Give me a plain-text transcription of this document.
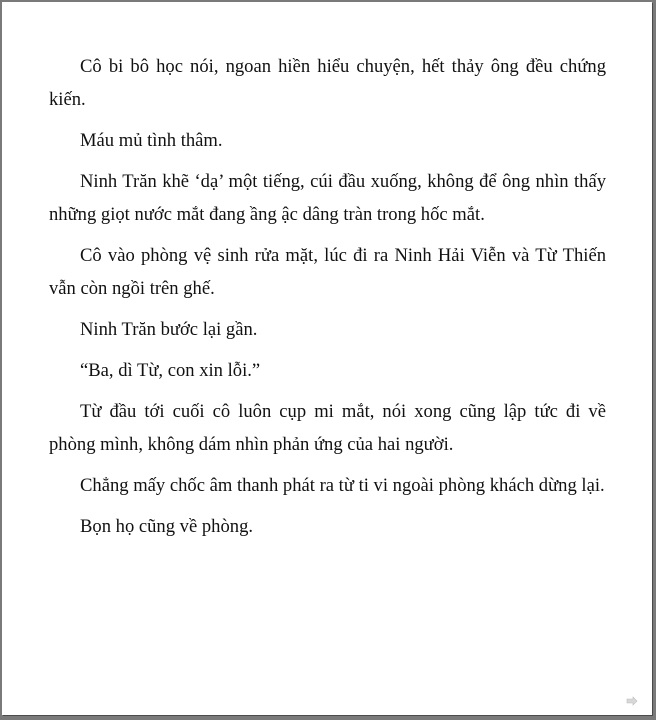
Cô bi bô học nói, ngoan hiền hiểu chuyện, hết thảy ông đều chứng kiến.

Máu mủ tình thâm.

Ninh Trăn khẽ ‘dạ’ một tiếng, cúi đầu xuống, không để ông nhìn thấy những giọt nước mắt đang ầng ậc dâng tràn trong hốc mắt.

Cô vào phòng vệ sinh rửa mặt, lúc đi ra Ninh Hải Viễn và Từ Thiến vẫn còn ngồi trên ghế.

Ninh Trăn bước lại gần.

“Ba, dì Từ, con xin lỗi.”

Từ đầu tới cuối cô luôn cụp mi mắt, nói xong cũng lập tức đi về phòng mình, không dám nhìn phản ứng của hai người.

Chẳng mấy chốc âm thanh phát ra từ ti vi ngoài phòng khách dừng lại.

Bọn họ cũng về phòng.
